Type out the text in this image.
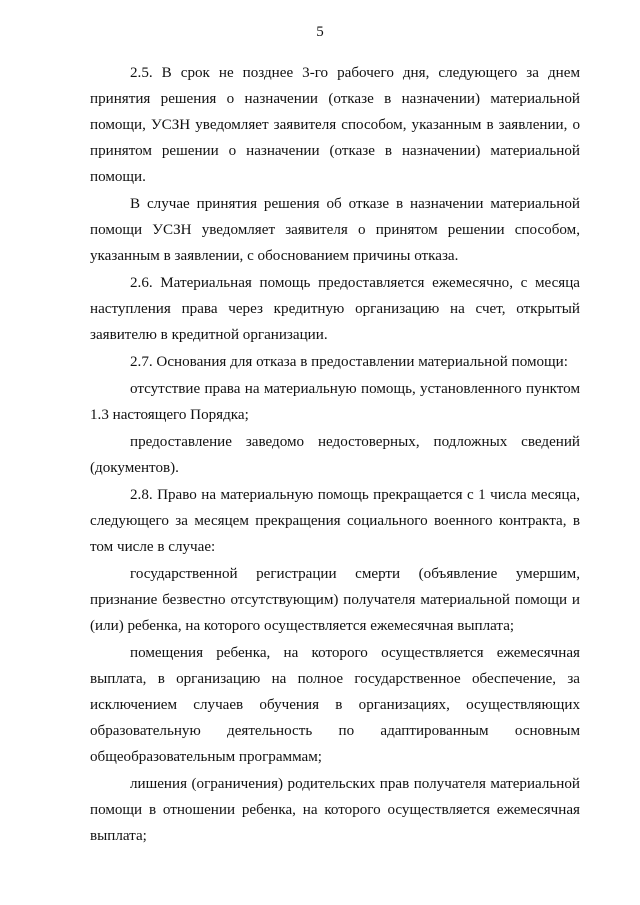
5

2.5. В срок не позднее 3-го рабочего дня, следующего за днем принятия решения о назначении (отказе в назначении) материальной помощи, УСЗН уведомляет заявителя способом, указанным в заявлении, о принятом решении о назначении (отказе в назначении) материальной помощи.

В случае принятия решения об отказе в назначении материальной помощи УСЗН уведомляет заявителя о принятом решении способом, указанным в заявлении, с обоснованием причины отказа.

2.6. Материальная помощь предоставляется ежемесячно, с месяца наступления права через кредитную организацию на счет, открытый заявителю в кредитной организации.

2.7. Основания для отказа в предоставлении материальной помощи:

отсутствие права на материальную помощь, установленного пунктом 1.3 настоящего Порядка;

предоставление заведомо недостоверных, подложных сведений (документов).

2.8. Право на материальную помощь прекращается с 1 числа месяца, следующего за месяцем прекращения социального военного контракта, в том числе в случае:

государственной регистрации смерти (объявление умершим, признание безвестно отсутствующим) получателя материальной помощи и (или) ребенка, на которого осуществляется ежемесячная выплата;

помещения ребенка, на которого осуществляется ежемесячная выплата, в организацию на полное государственное обеспечение, за исключением случаев обучения в организациях, осуществляющих образовательную деятельность по адаптированным основным общеобразовательным программам;

лишения (ограничения) родительских прав получателя материальной помощи в отношении ребенка, на которого осуществляется ежемесячная выплата;
